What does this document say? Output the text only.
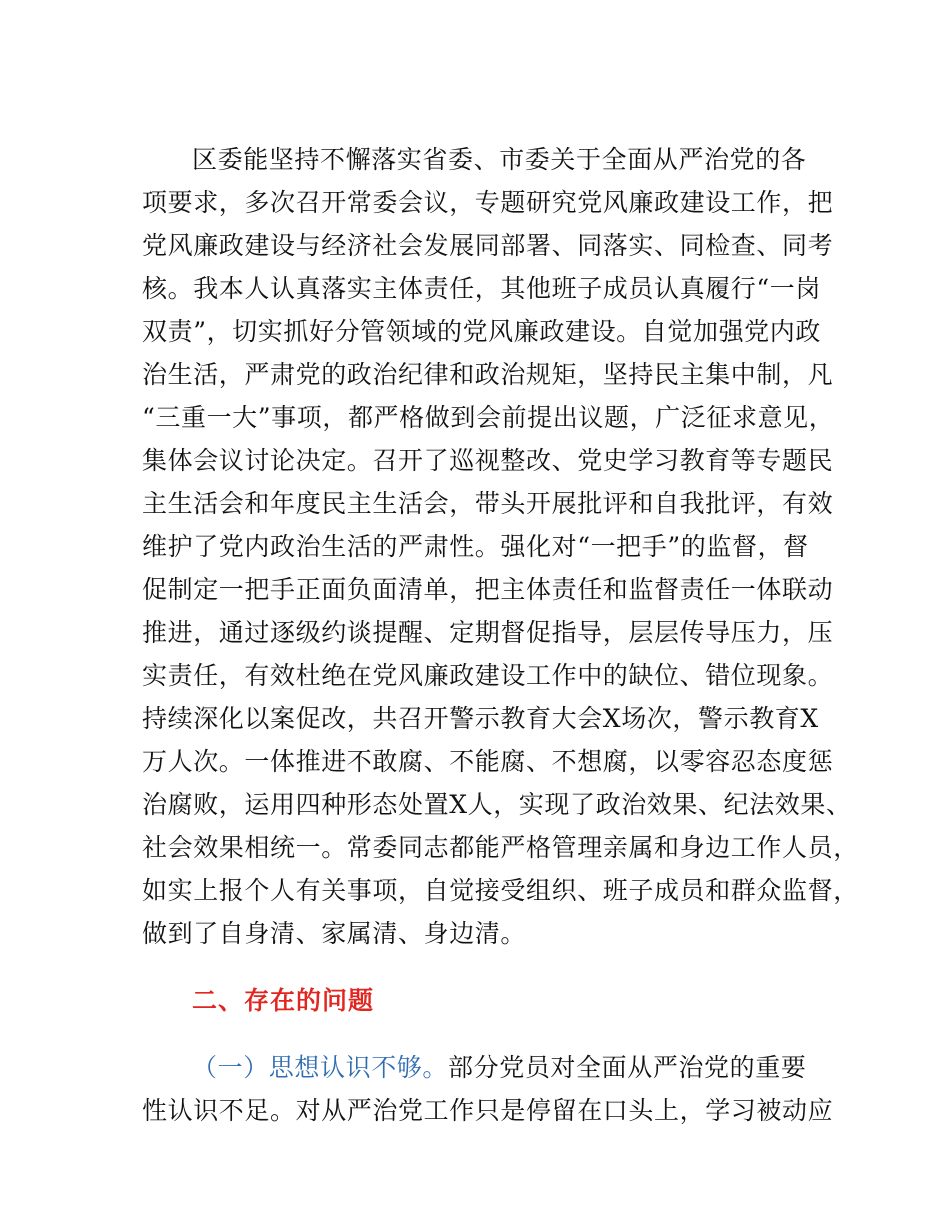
区委能坚持不懈落实省委、市委关于全面从严治党的各
项要求，多次召开常委会议，专题研究党风廉政建设工作，把
党风廉政建设与经济社会发展同部署、同落实、同检查、同考
核。我本人认真落实主体责任，其他班子成员认真履行“一岗
双责”，切实抓好分管领域的党风廉政建设。自觉加强党内政
治生活，严肃党的政治纪律和政治规矩，坚持民主集中制，凡
“三重一大”事项，都严格做到会前提出议题，广泛征求意见，
集体会议讨论决定。召开了巡视整改、党史学习教育等专题民
主生活会和年度民主生活会，带头开展批评和自我批评，有效
维护了党内政治生活的严肃性。强化对“一把手”的监督，督
促制定一把手正面负面清单，把主体责任和监督责任一体联动
推进，通过逐级约谈提醒、定期督促指导，层层传导压力，压
实责任，有效杜绝在党风廉政建设工作中的缺位、错位现象。
持续深化以案促改，共召开警示教育大会X场次，警示教育X
万人次。一体推进不敢腐、不能腐、不想腐，以零容忍态度惩
治腐败，运用四种形态处置X人，实现了政治效果、纪法效果、
社会效果相统一。常委同志都能严格管理亲属和身边工作人员，
如实上报个人有关事项，自觉接受组织、班子成员和群众监督，
做到了自身清、家属清、身边清。
二、存在的问题
（一）思想认识不够。部分党员对全面从严治党的重要
性认识不足。对从严治党工作只是停留在口头上，学习被动应
